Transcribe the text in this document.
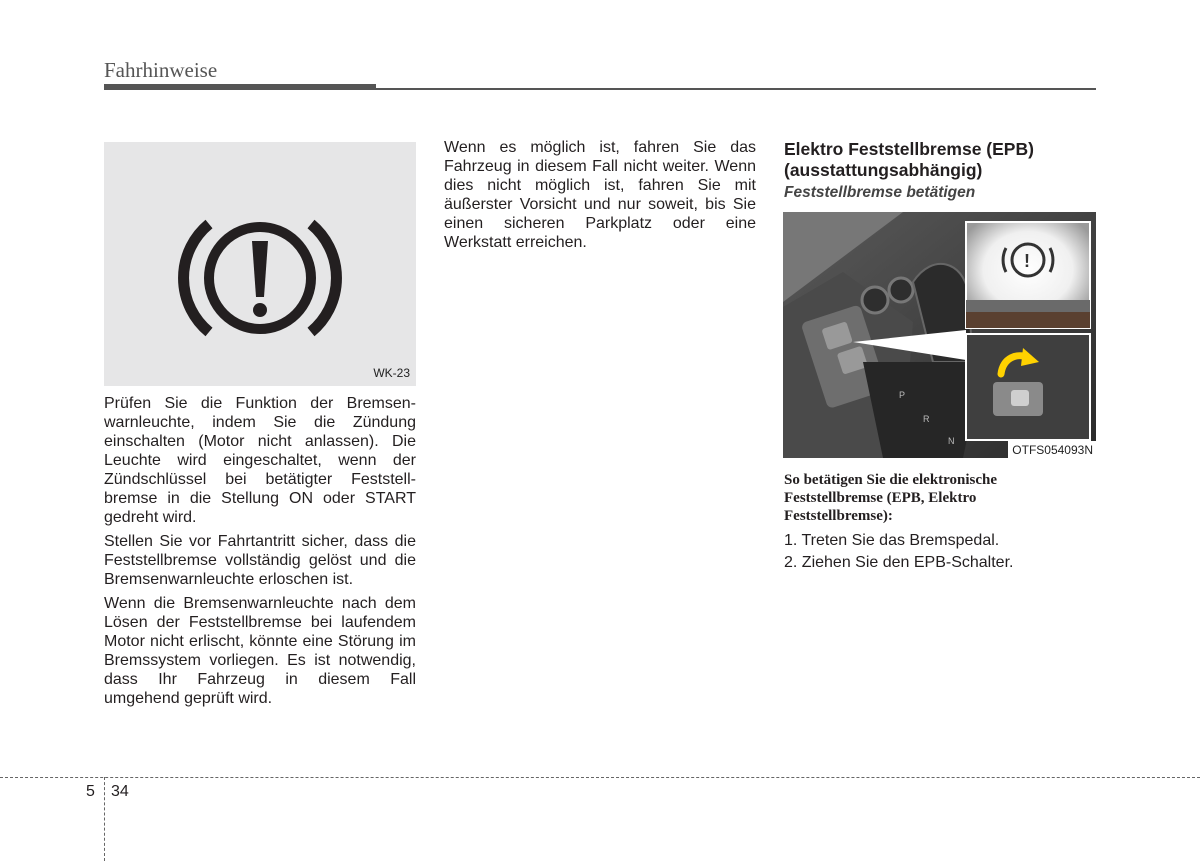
Fahrhinweise
WK-23

Prüfen Sie die Funktion der Bremsenwarnleuchte, indem Sie die Zündung einschalten (Motor nicht anlassen). Die Leuchte wird eingeschaltet, wenn der Zündschlüssel bei betätigter Feststellbremse in die Stellung ON oder START gedreht wird.

Stellen Sie vor Fahrtantritt sicher, dass die Feststellbremse vollständig gelöst und die Bremsenwarnleuchte erloschen ist.

Wenn die Bremsenwarnleuchte nach dem Lösen der Feststellbremse bei laufendem Motor nicht erlischt, könnte eine Störung im Bremssystem vorliegen. Es ist notwendig, dass Ihr Fahrzeug in diesem Fall umgehend geprüft wird.

Wenn es möglich ist, fahren Sie das Fahrzeug in diesem Fall nicht weiter. Wenn dies nicht möglich ist, fahren Sie mit äußerster Vorsicht und nur soweit, bis Sie einen sicheren Parkplatz oder eine Werkstatt erreichen.

Elektro Feststellbremse (EPB) (ausstattungsabhängig)
Feststellbremse betätigen
P
R
N
!
OTFS054093N
So betätigen Sie die elektronische Feststellbremse (EPB, Elektro Feststellbremse):
1. Treten Sie das Bremspedal.
2. Ziehen Sie den EPB-Schalter.
5 34
